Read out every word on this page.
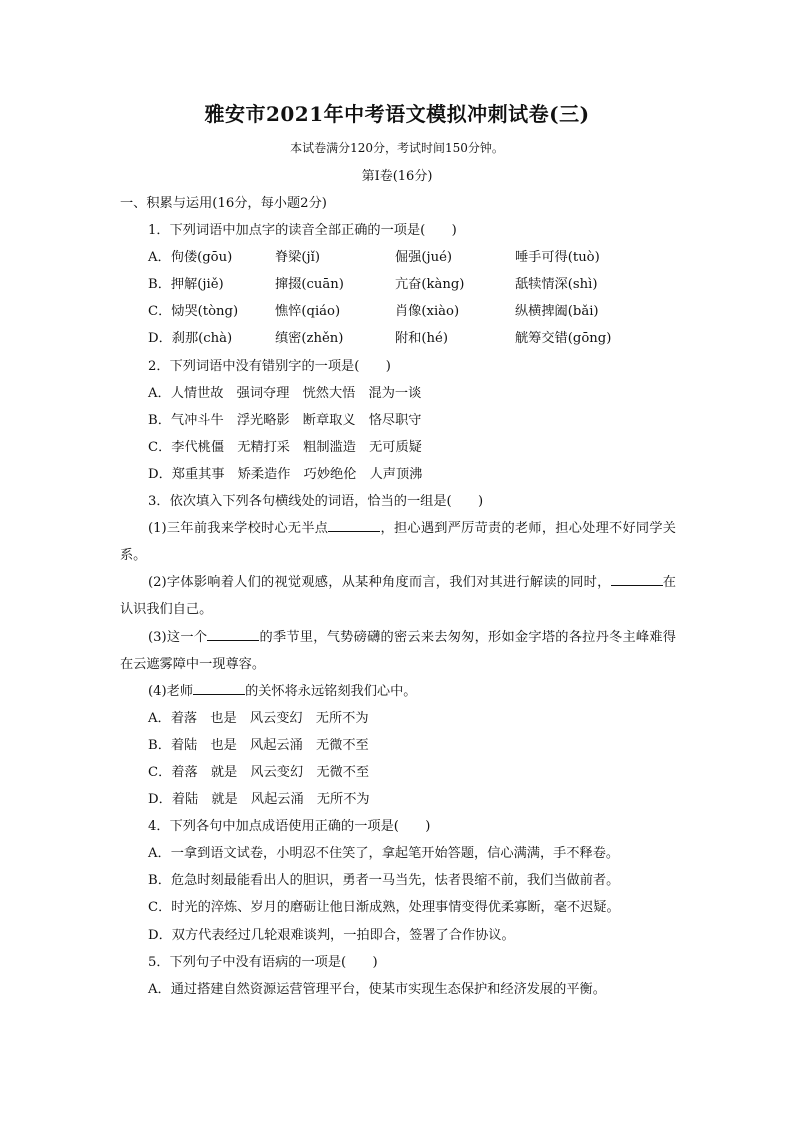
雅安市2021年中考语文模拟冲刺试卷(三)
本试卷满分120分，考试时间150分钟。
第Ⅰ卷(16分)
一、积累与运用(16分，每小题2分)
1．下列词语中加点字的读音全部正确的一项是(　　)
A．佝偻(gōu)	脊梁(jǐ)	倔强(jué)	唾手可得(tuò)
B．押解(jiě)	撺掇(cuān)	亢奋(kàng)	舐犊情深(shì)
C．恸哭(tòng)	憔悴(qiáo)	肖像(xiào)	纵横捭阖(bǎi)
D．刹那(chà)	缜密(zhěn)	附和(hé)	觥筹交错(gōng)
2．下列词语中没有错别字的一项是(　　)
A．人情世故　强词夺理　恍然大悟　混为一谈
B．气冲斗牛　浮光略影　断章取义　恪尽职守
C．李代桃僵　无精打采　粗制滥造　无可质疑
D．郑重其事　矫柔造作　巧妙绝伦　人声顶沸
3．依次填入下列各句横线处的词语，恰当的一组是(　　)
(1)三年前我来学校时心无半点	，担心遇到严厉苛责的老师，担心处理不好同学关系。
(2)字体影响着人们的视觉观感，从某种角度而言，我们对其进行解读的同时，	在认识我们自己。
(3)这一个	的季节里，气势磅礴的密云来去匆匆，形如金字塔的各拉丹冬主峰难得在云遮雾障中一现尊容。
(4)老师	的关怀将永远铭刻我们心中。
A．着落　也是　风云变幻　无所不为
B．着陆　也是　风起云涌　无微不至
C．着落　就是　风云变幻　无微不至
D．着陆　就是　风起云涌　无所不为
4．下列各句中加点成语使用正确的一项是(　　)
A．一拿到语文试卷，小明忍不住笑了，拿起笔开始答题，信心满满，手不释卷。
B．危急时刻最能看出人的胆识，勇者一马当先，怯者畏缩不前，我们当做前者。
C．时光的淬炼、岁月的磨砺让他日渐成熟，处理事情变得优柔寡断，毫不迟疑。
D．双方代表经过几轮艰难谈判，一拍即合，签署了合作协议。
5．下列句子中没有语病的一项是(　　)
A．通过搭建自然资源运营管理平台，使某市实现生态保护和经济发展的平衡。
